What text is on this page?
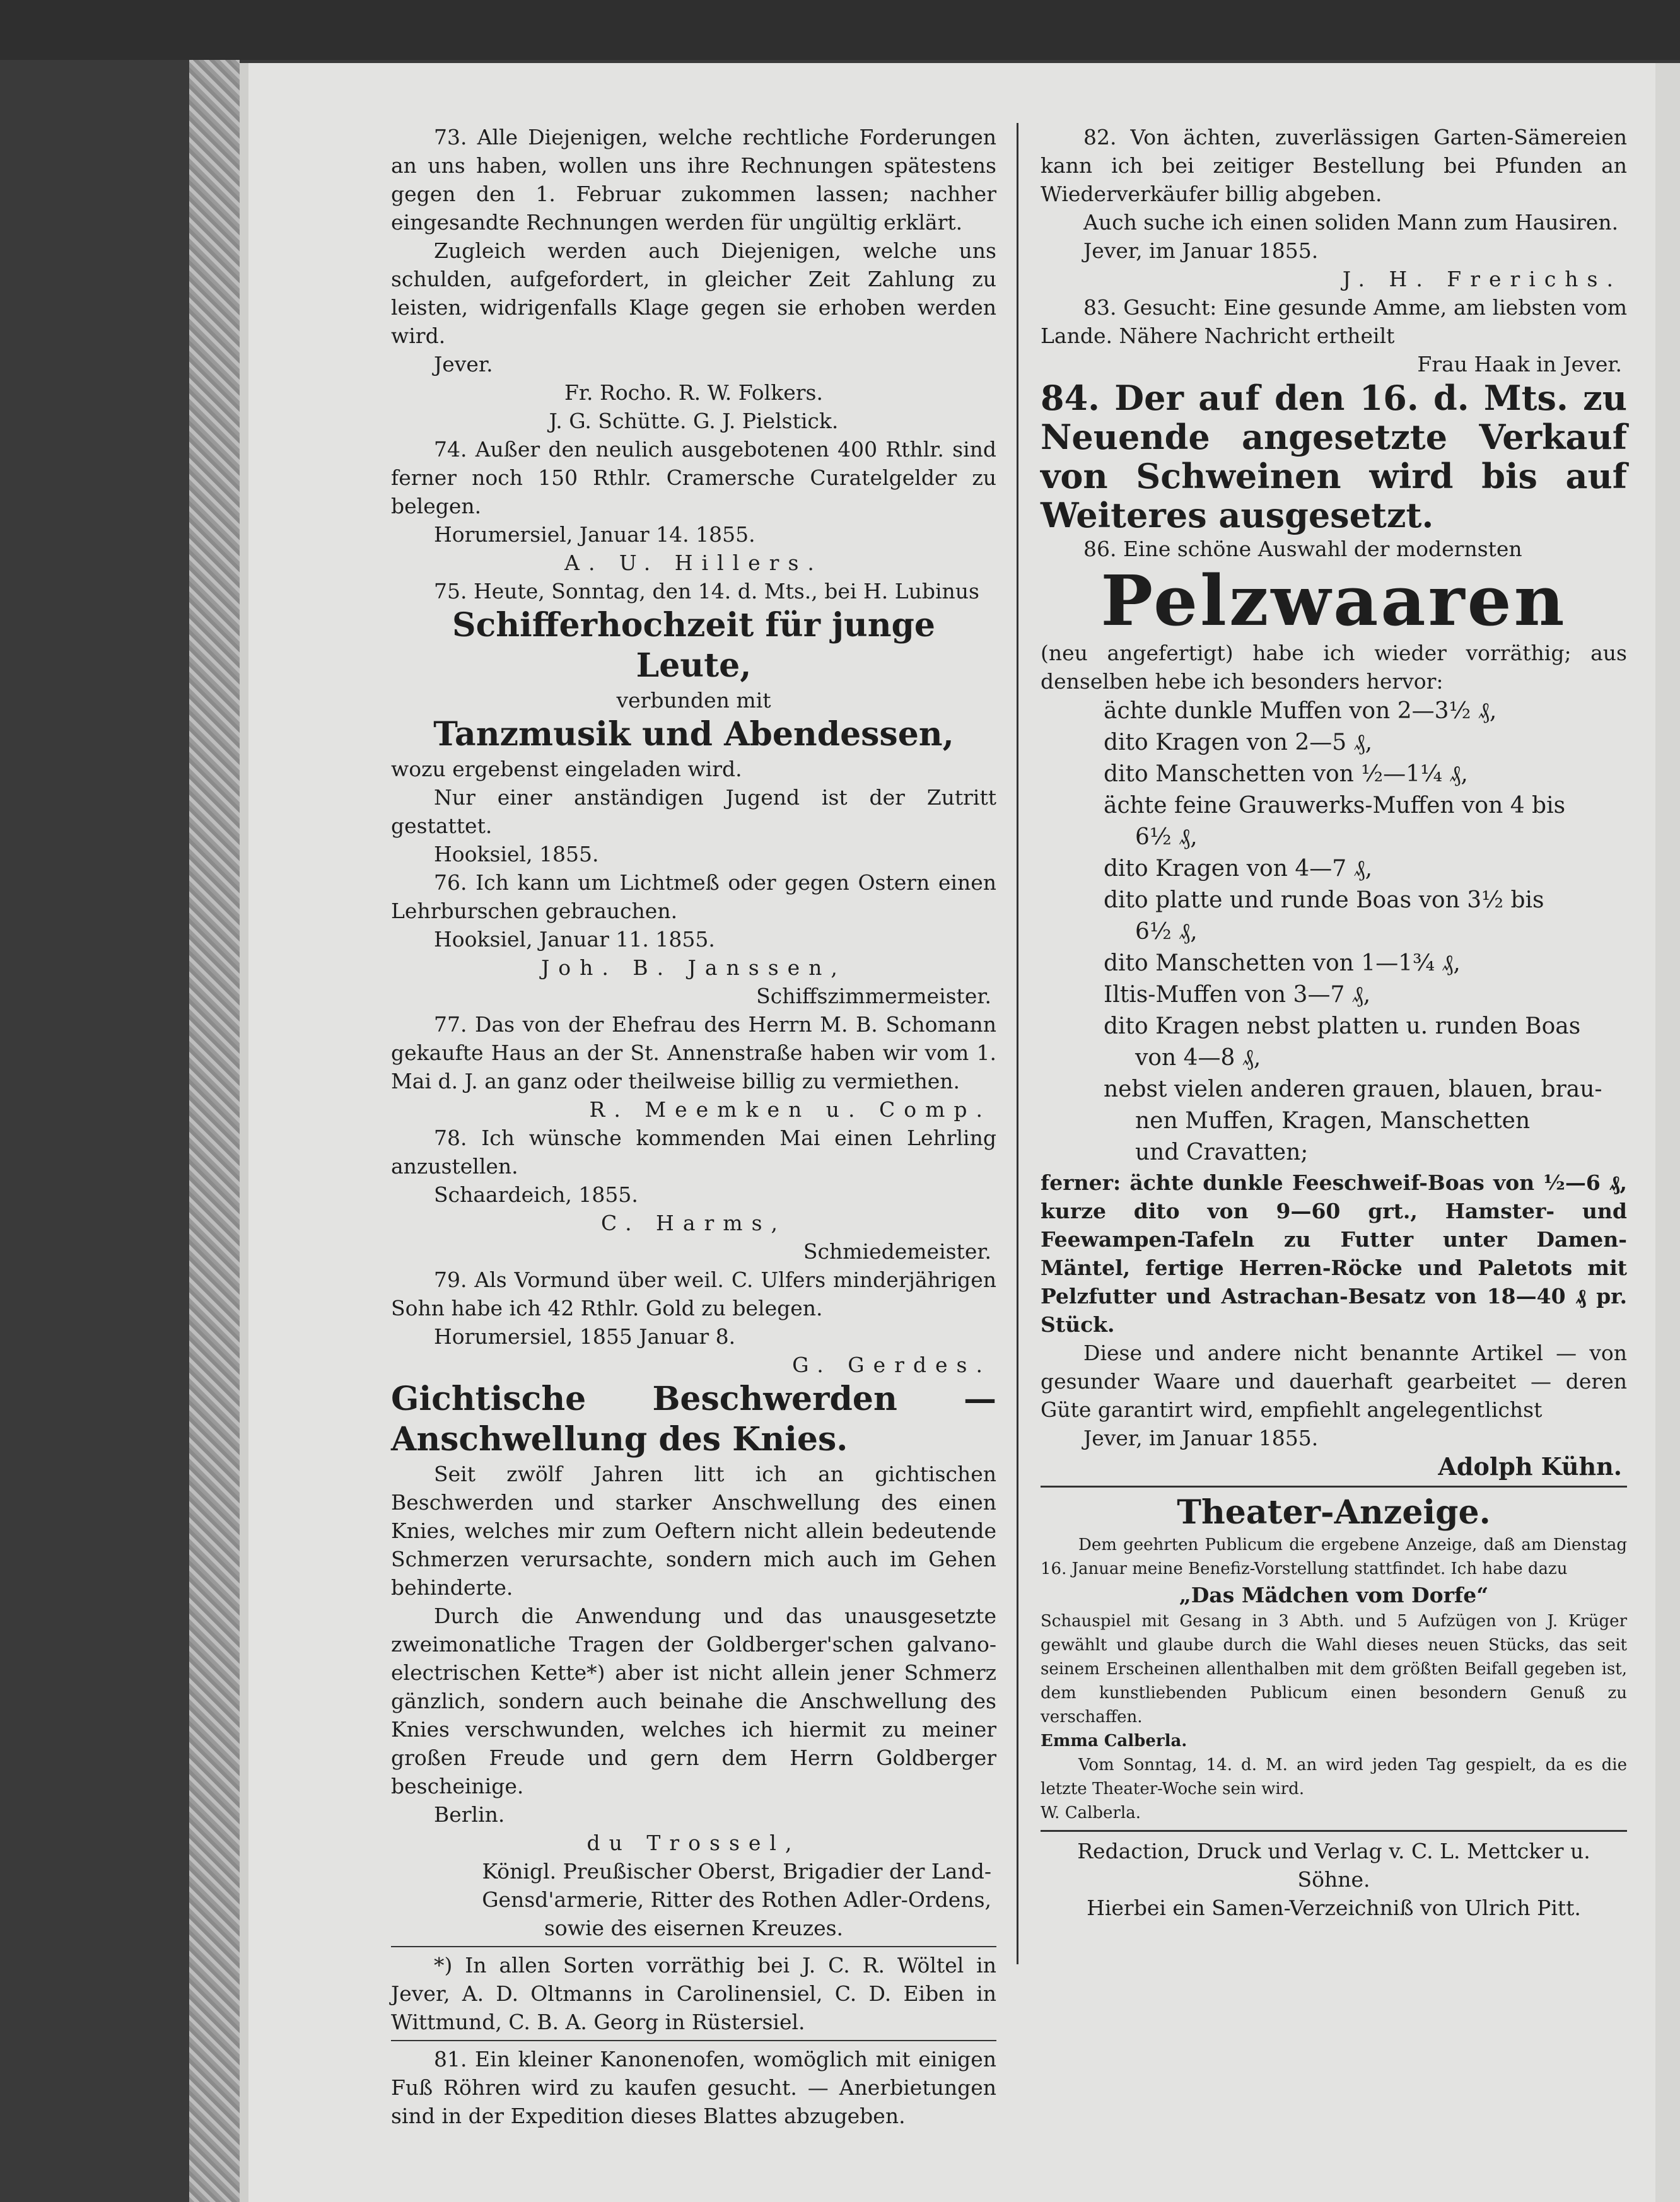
73. Alle Diejenigen, welche rechtliche Forderungen an uns haben, wollen uns ihre Rechnungen spätestens gegen den 1. Februar zukommen lassen; nachher eingesandte Rechnungen werden für ungültig erklärt.

Zugleich werden auch Diejenigen, welche uns schulden, aufgefordert, in gleicher Zeit Zahlung zu leisten, widrigenfalls Klage gegen sie erhoben werden wird.

Jever.

Fr. Rocho. R. W. Folkers.

J. G. Schütte. G. J. Pielstick.

74. Außer den neulich ausgebotenen 400 Rthlr. sind ferner noch 150 Rthlr. Cramersche Curatelgelder zu belegen.

Horumersiel, Januar 14. 1855.

A. U. Hillers.

75. Heute, Sonntag, den 14. d. Mts., bei H. Lubinus

Schifferhochzeit für junge Leute,

verbunden mit

Tanzmusik und Abendessen,

wozu ergebenst eingeladen wird.

Nur einer anständigen Jugend ist der Zutritt gestattet.

Hooksiel, 1855.

76. Ich kann um Lichtmeß oder gegen Ostern einen Lehrburschen gebrauchen.

Hooksiel, Januar 11. 1855.

Joh. B. Janssen,

Schiffszimmermeister.

77. Das von der Ehefrau des Herrn M. B. Schomann gekaufte Haus an der St. Annenstraße haben wir vom 1. Mai d. J. an ganz oder theilweise billig zu vermiethen.

R. Meemken u. Comp.

78. Ich wünsche kommenden Mai einen Lehrling anzustellen.

Schaardeich, 1855.

C. Harms,

Schmiedemeister.

79. Als Vormund über weil. C. Ulfers minderjährigen Sohn habe ich 42 Rthlr. Gold zu belegen.

Horumersiel, 1855 Januar 8.

G. Gerdes.

Gichtische Beschwerden — Anschwellung des Knies.

Seit zwölf Jahren litt ich an gichtischen Beschwerden und starker Anschwellung des einen Knies, welches mir zum Oeftern nicht allein bedeutende Schmerzen verursachte, sondern mich auch im Gehen behinderte.

Durch die Anwendung und das unausgesetzte zweimonatliche Tragen der Goldberger'schen galvano-electrischen Kette*) aber ist nicht allein jener Schmerz gänzlich, sondern auch beinahe die Anschwellung des Knies verschwunden, welches ich hiermit zu meiner großen Freude und gern dem Herrn Goldberger bescheinige.

Berlin.

du Trossel,

Königl. Preußischer Oberst, Brigadier der Land-

Gensd'armerie, Ritter des Rothen Adler-Ordens,

sowie des eisernen Kreuzes.

*) In allen Sorten vorräthig bei J. C. R. Wöltel in Jever, A. D. Oltmanns in Carolinensiel, C. D. Eiben in Wittmund, C. B. A. Georg in Rüstersiel.

81. Ein kleiner Kanonenofen, womöglich mit einigen Fuß Röhren wird zu kaufen gesucht. — Anerbietungen sind in der Expedition dieses Blattes abzugeben.

82. Von ächten, zuverlässigen Garten-Sämereien kann ich bei zeitiger Bestellung bei Pfunden an Wiederverkäufer billig abgeben.

Auch suche ich einen soliden Mann zum Hausiren.

Jever, im Januar 1855.

J. H. Frerichs.

83. Gesucht: Eine gesunde Amme, am liebsten vom Lande. Nähere Nachricht ertheilt

Frau Haak in Jever.

84. Der auf den 16. d. Mts. zu Neuende angesetzte Verkauf von Schweinen wird bis auf Weiteres ausgesetzt.

86. Eine schöne Auswahl der modernsten

Pelzwaaren

(neu angefertigt) habe ich wieder vorräthig; aus denselben hebe ich besonders hervor:

ächte dunkle Muffen von 2—3½ ₰,

dito Kragen von 2—5 ₰,

dito Manschetten von ½—1¼ ₰,

ächte feine Grauwerks-Muffen von 4 bis

6½ ₰,

dito Kragen von 4—7 ₰,

dito platte und runde Boas von 3½ bis

6½ ₰,

dito Manschetten von 1—1¾ ₰,

Iltis-Muffen von 3—7 ₰,

dito Kragen nebst platten u. runden Boas

von 4—8 ₰,

nebst vielen anderen grauen, blauen, brau-

nen Muffen, Kragen, Manschetten

und Cravatten;

ferner: ächte dunkle Feeschweif-Boas von ½—6 ₰, kurze dito von 9—60 grt., Hamster- und Feewampen-Tafeln zu Futter unter Damen-Mäntel, fertige Herren-Röcke und Paletots mit Pelzfutter und Astrachan-Besatz von 18—40 ₰ pr. Stück.

Diese und andere nicht benannte Artikel — von gesunder Waare und dauerhaft gearbeitet — deren Güte garantirt wird, empfiehlt angelegentlichst

Jever, im Januar 1855.

Adolph Kühn.

Theater-Anzeige.

Dem geehrten Publicum die ergebene Anzeige, daß am Dienstag 16. Januar meine Benefiz-Vorstellung stattfindet. Ich habe dazu

„Das Mädchen vom Dorfe“

Schauspiel mit Gesang in 3 Abth. und 5 Aufzügen von J. Krüger gewählt und glaube durch die Wahl dieses neuen Stücks, das seit seinem Erscheinen allenthalben mit dem größten Beifall gegeben ist, dem kunstliebenden Publicum einen besondern Genuß zu verschaffen.

Emma Calberla.

Vom Sonntag, 14. d. M. an wird jeden Tag gespielt, da es die letzte Theater-Woche sein wird.

W. Calberla.

Redaction, Druck und Verlag v. C. L. Mettcker u. Söhne.

Hierbei ein Samen-Verzeichniß von Ulrich Pitt.
